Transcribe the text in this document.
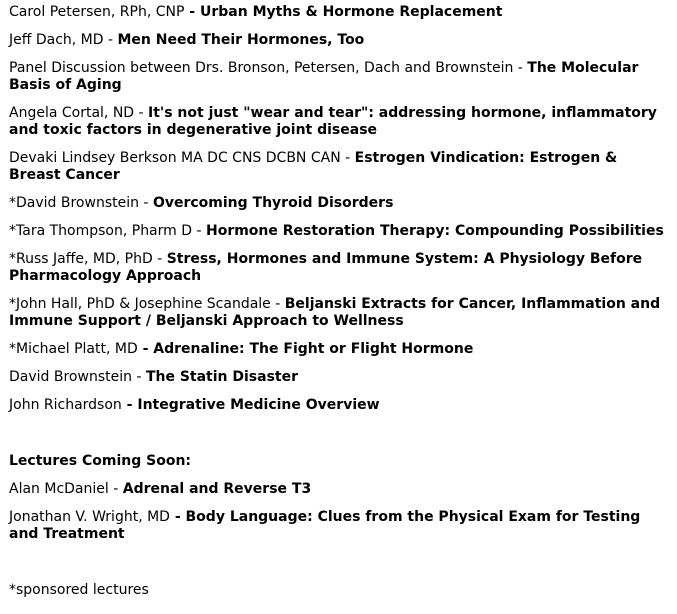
Carol Petersen, RPh, CNP - Urban Myths & Hormone Replacement
Jeff Dach, MD - Men Need Their Hormones, Too
Panel Discussion between Drs. Bronson, Petersen, Dach and Brownstein - The Molecular Basis of Aging
Angela Cortal, ND - It's not just "wear and tear": addressing hormone, inflammatory and toxic factors in degenerative joint disease
Devaki Lindsey Berkson MA DC CNS DCBN CAN - Estrogen Vindication: Estrogen & Breast Cancer
*David Brownstein - Overcoming Thyroid Disorders
*Tara Thompson, Pharm D - Hormone Restoration Therapy: Compounding Possibilities
*Russ Jaffe, MD, PhD - Stress, Hormones and Immune System: A Physiology Before Pharmacology Approach
*John Hall, PhD & Josephine Scandale - Beljanski Extracts for Cancer, Inflammation and Immune Support / Beljanski Approach to Wellness
*Michael Platt, MD - Adrenaline: The Fight or Flight Hormone
David Brownstein - The Statin Disaster
John Richardson - Integrative Medicine Overview
Lectures Coming Soon:
Alan McDaniel - Adrenal and Reverse T3
Jonathan V. Wright, MD - Body Language: Clues from the Physical Exam for Testing and Treatment
*sponsored lectures
